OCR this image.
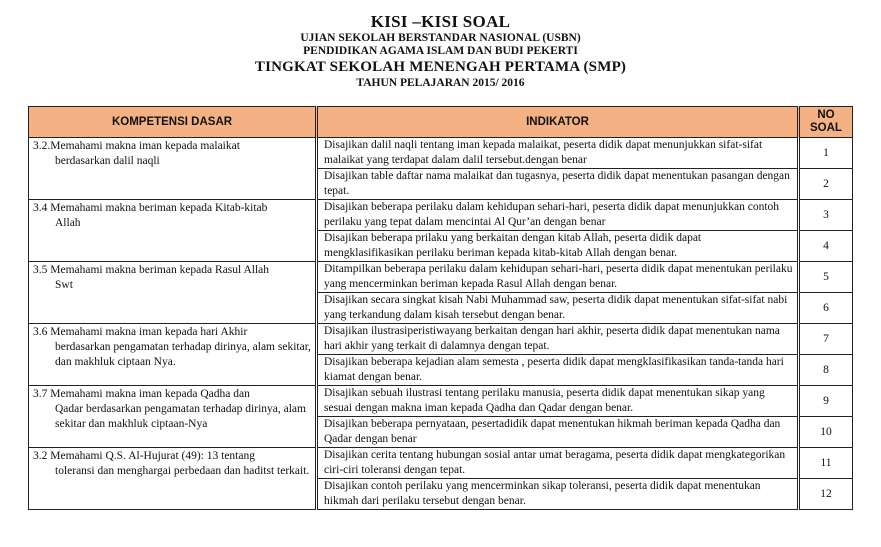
KISI –KISI SOAL
UJIAN SEKOLAH BERSTANDAR NASIONAL (USBN)
PENDIDIKAN AGAMA ISLAM DAN BUDI PEKERTI
TINGKAT SEKOLAH MENENGAH PERTAMA (SMP)
TAHUN PELAJARAN 2015/ 2016
KOMPETENSI DASAR	INDIKATOR	NO
SOAL

3.2.Memahami makna iman kepada malaikat
berdasarkan dalil naqli	Disajikan dalil naqli tentang iman kepada malaikat, peserta didik dapat menunjukkan sifat-sifat malaikat yang terdapat dalam dalil tersebut.dengan benar	1

	Disajikan table daftar nama malaikat dan tugasnya, peserta didik dapat menentukan pasangan dengan tepat.	2
3.4 Memahami makna beriman kepada Kitab-kitab
Allah	Disajikan beberapa perilaku dalam kehidupan sehari-hari, peserta didik dapat menunjukkan contoh perilaku yang tepat dalam mencintai Al Qur’an dengan benar	3

	Disajikan beberapa prilaku yang berkaitan dengan kitab Allah, peserta didik dapat mengklasifikasikan perilaku beriman kepada kitab-kitab Allah dengan benar.	4
3.5 Memahami makna beriman kepada Rasul Allah
Swt	Ditampilkan beberapa perilaku dalam kehidupan sehari-hari, peserta didik dapat menentukan perilaku yang mencerminkan beriman kepada Rasul Allah dengan benar.	5

	Disajikan secara singkat kisah Nabi Muhammad saw, peserta didik dapat menentukan sifat-sifat nabi yang terkandung dalam kisah tersebut dengan benar.	6
3.6 Memahami makna iman kepada hari Akhir
berdasarkan pengamatan terhadap dirinya, alam sekitar, dan makhluk ciptaan Nya.	Disajikan ilustrasiperistiwayang berkaitan dengan hari akhir, peserta didik dapat menentukan nama hari akhir yang terkait di dalamnya dengan tepat.	7

	Disajikan beberapa kejadian alam semesta , peserta didik dapat mengklasifikasikan tanda-tanda hari kiamat dengan benar.	8
3.7 Memahami makna iman kepada Qadha dan
Qadar berdasarkan pengamatan terhadap dirinya, alam sekitar dan makhluk ciptaan-Nya	Disajikan sebuah ilustrasi tentang perilaku manusia, peserta didik dapat menentukan sikap yang sesuai dengan makna iman kepada Qadha dan Qadar dengan benar.	9

	Disajikan beberapa pernyataan, pesertadidik dapat menentukan hikmah beriman kepada Qadha dan Qadar dengan benar	10
3.2 Memahami Q.S. Al-Hujurat (49): 13 tentang
toleransi dan menghargai perbedaan dan haditst terkait.	Disajikan cerita tentang hubungan sosial antar umat beragama, peserta didik dapat mengkategorikan ciri-ciri toleransi dengan tepat.	11

	Disajikan contoh perilaku yang mencerminkan sikap toleransi, peserta didik dapat menentukan hikmah dari perilaku tersebut dengan benar.	12
